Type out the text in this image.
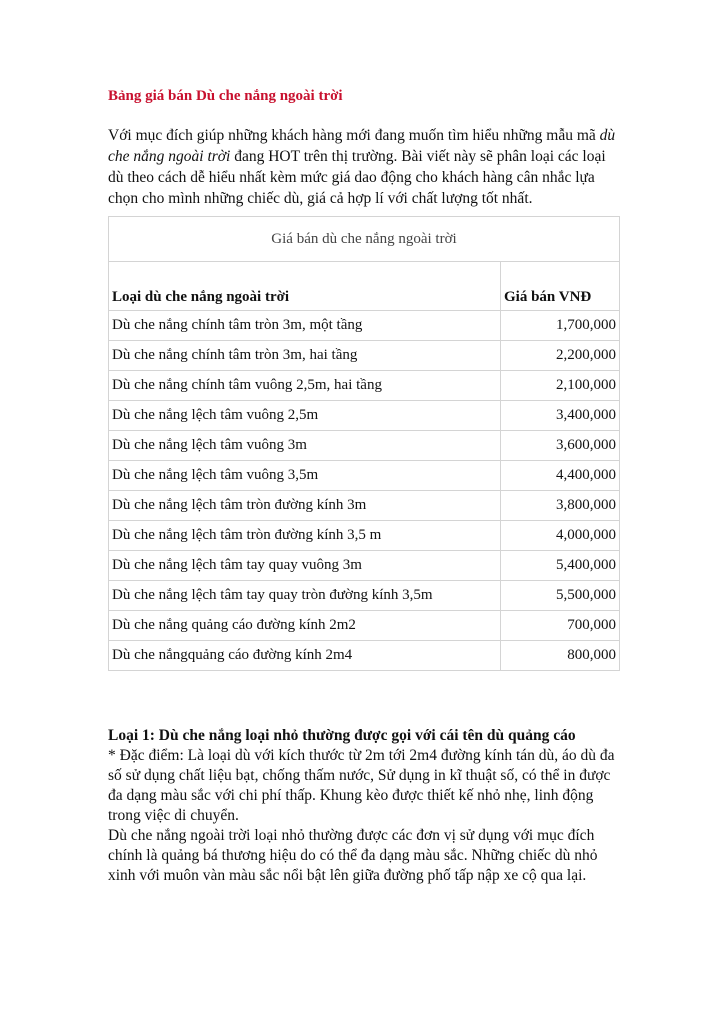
Bảng giá bán Dù che nắng ngoài trời

Với mục đích giúp những khách hàng mới đang muốn tìm hiểu những mẫu mã dù che nắng ngoài trời đang HOT trên thị trường. Bài viết này sẽ phân loại các loại dù theo cách dễ hiểu nhất kèm mức giá dao động cho khách hàng cân nhắc lựa chọn cho mình những chiếc dù, giá cả hợp lí với chất lượng tốt nhất.

Giá bán dù che nắng ngoài trời	
Loại dù che nắng ngoài trời	Giá bán VNĐ
Dù che nắng chính tâm tròn 3m, một tầng	1,700,000
Dù che nắng chính tâm tròn 3m, hai tầng	2,200,000
Dù che nắng chính tâm vuông 2,5m, hai tầng	2,100,000
Dù che nắng lệch tâm vuông 2,5m	3,400,000
Dù che nắng lệch tâm vuông 3m	3,600,000
Dù che nắng lệch tâm vuông 3,5m	4,400,000
Dù che nắng lệch tâm tròn đường kính 3m	3,800,000
Dù che nắng lệch tâm tròn đường kính 3,5 m	4,000,000
Dù che nắng lệch tâm tay quay vuông 3m	5,400,000
Dù che nắng lệch tâm tay quay tròn đường kính 3,5m	5,500,000
Dù che nắng quảng cáo đường kính 2m2	700,000
Dù che nắngquảng cáo đường kính 2m4	800,000
Loại 1: Dù che nắng loại nhỏ thường được gọi với cái tên dù quảng cáo

* Đặc điểm: Là loại dù với kích thước từ 2m tới 2m4 đường kính tán dù, áo dù đa số sử dụng chất liệu bạt, chống thấm nước, Sử dụng in kĩ thuật số, có thể in được đa dạng màu sắc với chi phí thấp. Khung kèo được thiết kế nhỏ nhẹ, linh động trong việc di chuyển.

Dù che nắng ngoài trời loại nhỏ thường được các đơn vị sử dụng với mục đích chính là quảng bá thương hiệu do có thể đa dạng màu sắc. Những chiếc dù nhỏ xinh với muôn vàn màu sắc nổi bật lên giữa đường phố tấp nập xe cộ qua lại.
